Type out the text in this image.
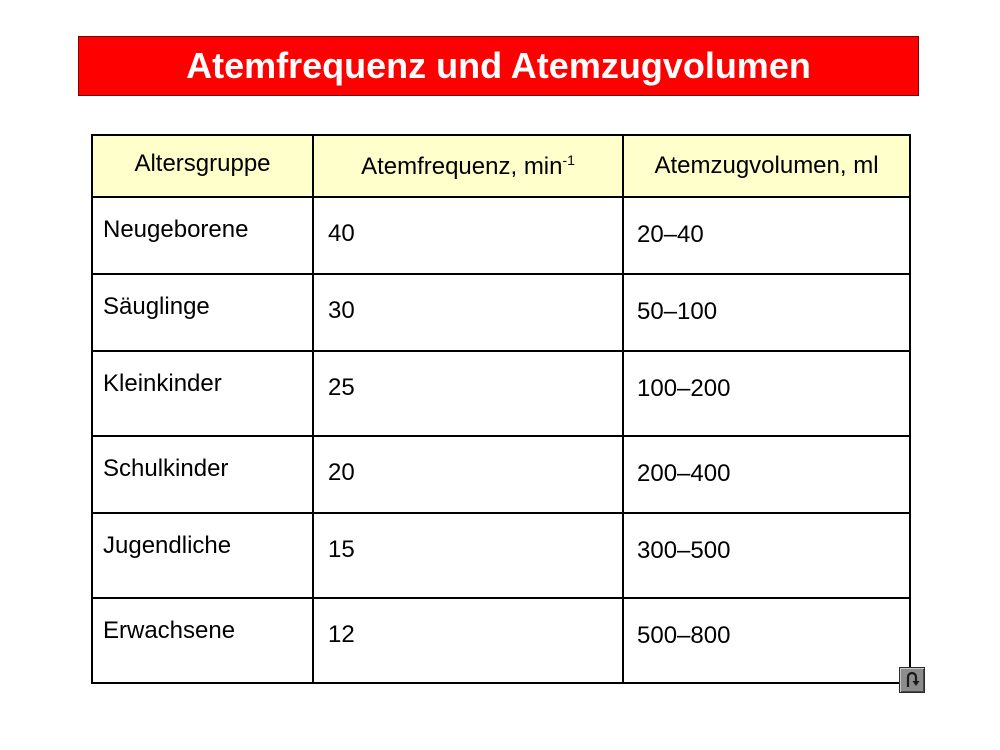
Atemfrequenz und Atemzugvolumen
Altersgruppe	Atemfrequenz, $\min^{-1}$	Atemzugvolumen, ml
Neugeborene	40	20–40
Säuglinge	30	50–100
Kleinkinder	25	100–200
Schulkinder	20	200–400
Jugendliche	15	300–500
Erwachsene	12	500–800
